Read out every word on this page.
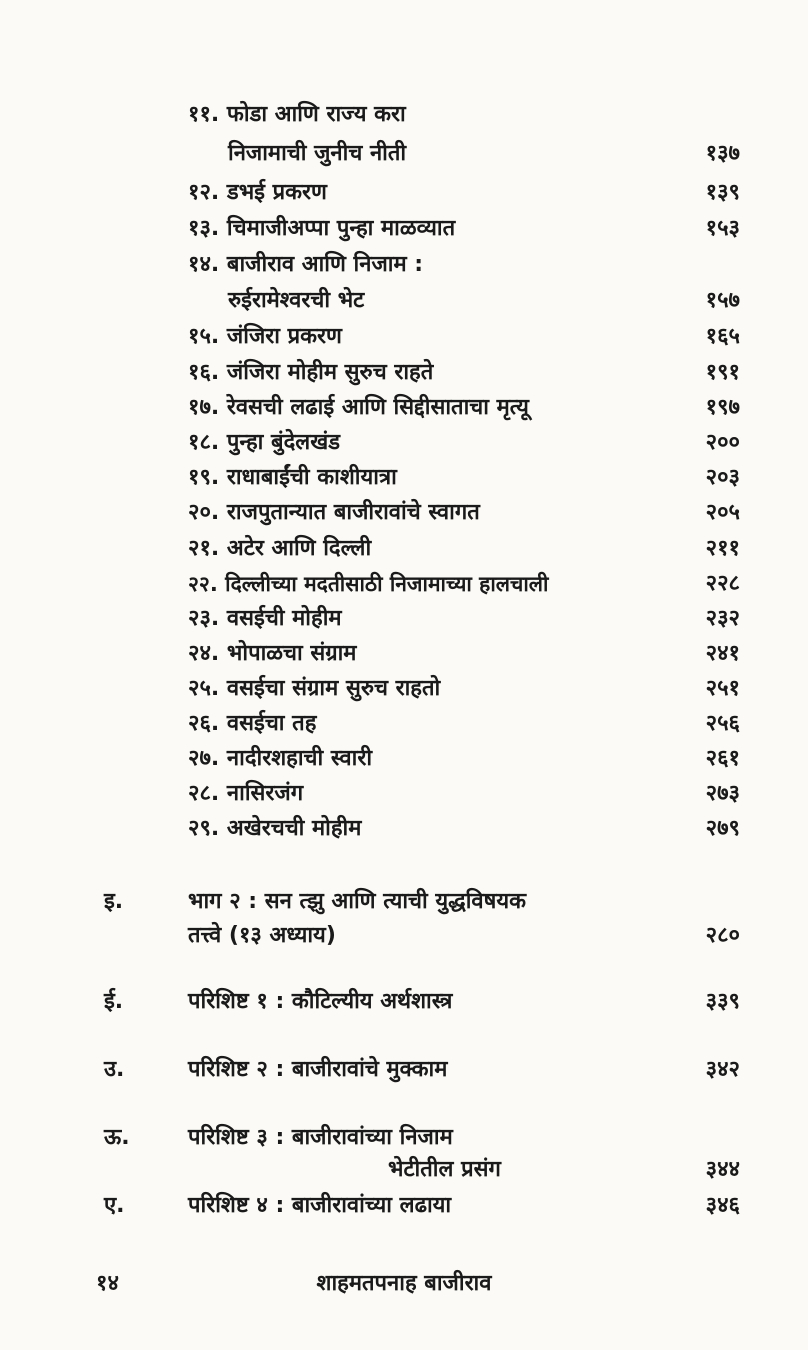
११. फोडा आणि राज्य करा
निजामाची जुनीच नीती	१३७
१२. डभई प्रकरण	१३९
१३. चिमाजीअप्पा पुन्हा माळव्यात	१५३
१४. बाजीराव आणि निजाम :
रुईरामेश्वरची भेट	१५७
१५. जंजिरा प्रकरण	१६५
१६. जंजिरा मोहीम सुरुच राहते	१९१
१७. रेवसची लढाई आणि सिद्दीसाताचा मृत्यू	१९७
१८. पुन्हा बुंदेलखंड	२००
१९. राधाबाईंची काशीयात्रा	२०३
२०. राजपुतान्यात बाजीरावांचे स्वागत	२०५
२१. अटेर आणि दिल्ली	२११
२२. दिल्लीच्या मदतीसाठी निजामाच्या हालचाली	२२८
२३. वसईची मोहीम	२३२
२४. भोपाळचा संग्राम	२४१
२५. वसईचा संग्राम सुरुच राहतो	२५१
२६. वसईचा तह	२५६
२७. नादीरशहाची स्वारी	२६१
२८. नासिरजंग	२७३
२९. अखेरचची मोहीम	२७९
इ.	भाग २ : सन त्झु आणि त्याची युद्धविषयक
तत्त्वे (१३ अध्याय)	२८०
ई.	परिशिष्ट १ : कौटिल्यीय अर्थशास्त्र	३३९
उ.	परिशिष्ट २ : बाजीरावांचे मुक्काम	३४२
ऊ.	परिशिष्ट ३ : बाजीरावांच्या निजाम
भेटीतील प्रसंग	३४४
ए.	परिशिष्ट ४ : बाजीरावांच्या लढाया	३४६
१४	शाहमतपनाह बाजीराव
